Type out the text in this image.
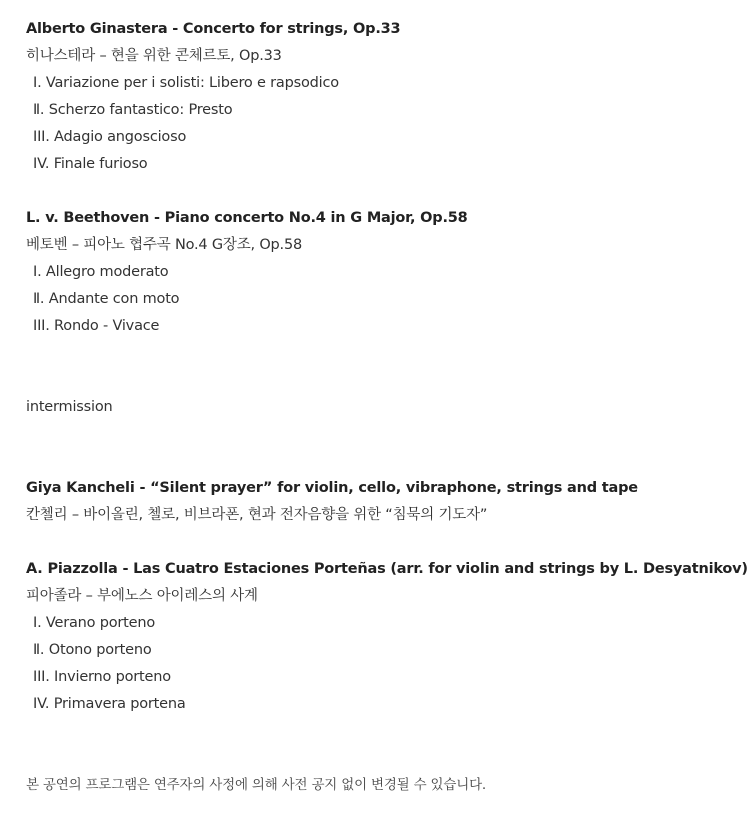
Alberto Ginastera - Concerto for strings, Op.33
히나스테라 – 현을 위한 콘체르토, Op.33
Ⅰ. Variazione per i solisti: Libero e rapsodico
Ⅱ. Scherzo fantastico: Presto
III. Adagio angoscioso
IV. Finale furioso
L. v. Beethoven - Piano concerto No.4 in G Major, Op.58
베토벤 – 피아노 협주곡 No.4 G장조, Op.58
Ⅰ. Allegro moderato
Ⅱ. Andante con moto
III. Rondo - Vivace
intermission
Giya Kancheli - “Silent prayer” for violin, cello, vibraphone, strings and tape
칸첼리 – 바이올린, 첼로, 비브라폰, 현과 전자음향을 위한 “침묵의 기도자”
A. Piazzolla - Las Cuatro Estaciones Porteñas (arr. for violin and strings by L. Desyatnikov)
피아졸라 – 부에노스 아이레스의 사계
Ⅰ. Verano porteno
Ⅱ. Otono porteno
III. Invierno porteno
IV. Primavera portena
본 공연의 프로그램은 연주자의 사정에 의해 사전 공지 없이 변경될 수 있습니다.
